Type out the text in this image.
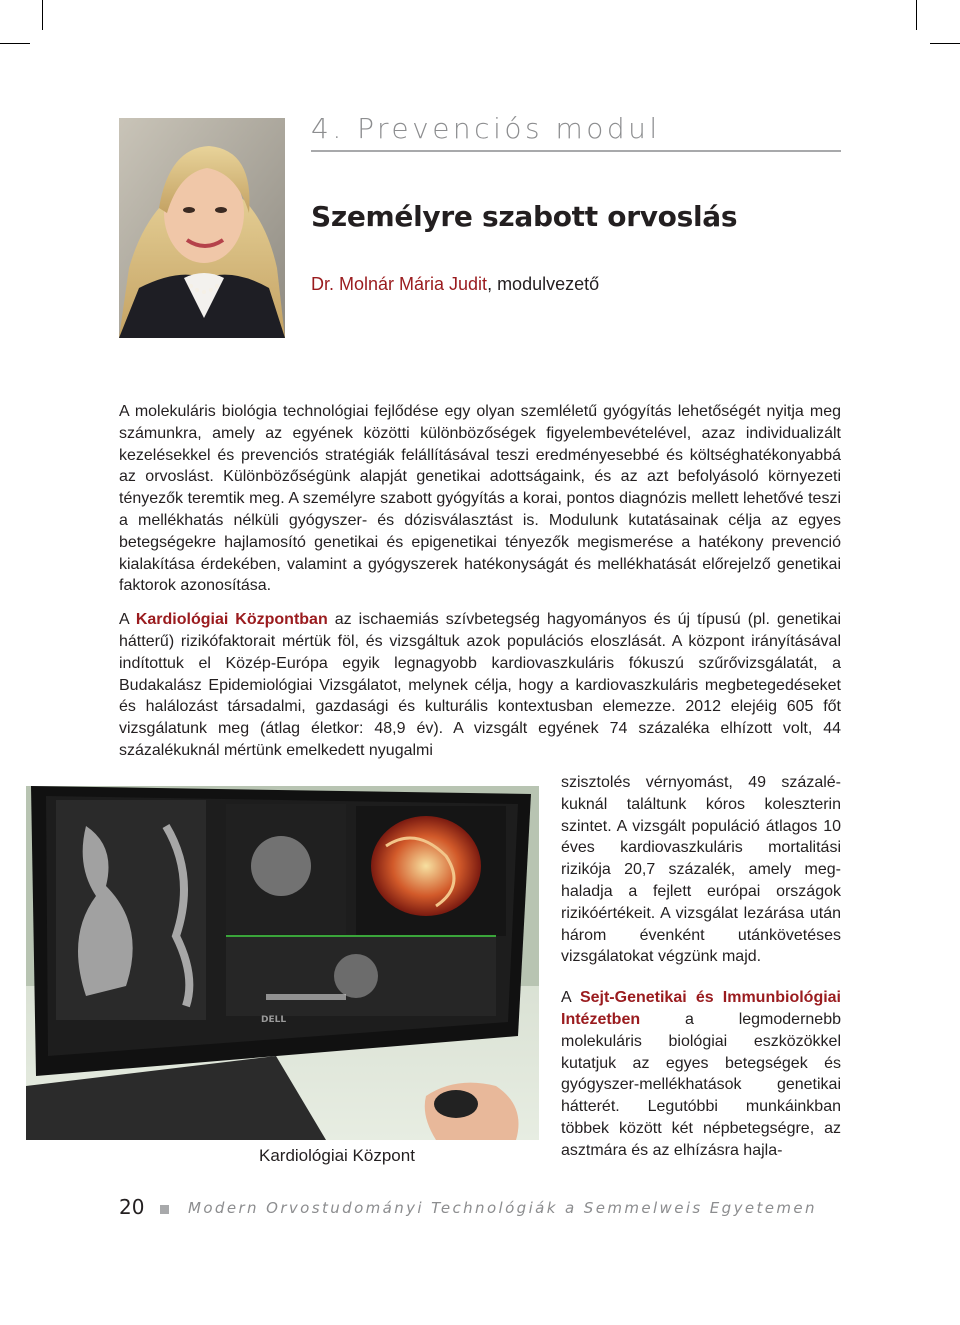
4. Prevenciós modul
Személyre szabott orvoslás
Dr. Molnár Mária Judit, modulvezető

A molekuláris biológia technológiai fejlődése egy olyan szemléletű gyógyítás lehetőségét nyitja meg számunkra, amely az egyének közötti különbözőségek figyelembevételével, azaz individualizált kezelésekkel és prevenciós stratégiák felállításával teszi eredményesebbé és költséghatékonyabbá az orvoslást. Különbözőségünk alapját genetikai adottságaink, és az azt befolyásoló környezeti tényezők teremtik meg. A személyre szabott gyógyítás a korai, pontos diagnózis mellett lehetővé teszi a mellékhatás nélküli gyógyszer- és dózisválasztást is. Modulunk kutatásainak célja az egyes betegségekre hajlamosító genetikai és epigenetikai tényezők megismerése a hatékony prevenció kialakítása érdekében, valamint a gyógyszerek hatékonyságát és mellékhatását előrejelző genetikai faktorok azonosítása.

A Kardiológiai Központban az ischaemiás szívbetegség hagyományos és új típusú (pl. genetikai hátterű) rizikófaktorait mértük föl, és vizsgáltuk azok populációs eloszlását. A központ irányításával indítottuk el Közép-Európa egyik legnagyobb kardiovaszkuláris fókuszú szűrővizsgálatát, a Budakalász Epidemiológiai Vizsgálatot, melynek célja, hogy a kardiovaszkuláris megbetegedéseket és halálozást társadalmi, gazdasági és kulturális kontextusban elemezze. 2012 elejéig 605 főt vizsgálatunk meg (átlag életkor: 48,9 év). A vizsgált egyének 74 százaléka elhízott volt, 44 százalékuknál mértünk emelkedett nyugalmi

szisztolés vérnyomást, 49 százalékuknál találtunk kóros koleszterin szintet. A vizsgált populáció átlagos 10 éves kardiovaszkuláris mortalitási rizikója 20,7 százalék, amely meghaladja a fejlett európai országok rizikóértékeit. A vizsgálat lezárása után három évenként utánkövetéses vizsgálatokat végzünk majd.

A Sejt-Genetikai és Immunbiológiai Intézetben a legmodernebb molekuláris biológiai eszközökkel kutatjuk az egyes betegségek és gyógyszer-mellékhatások genetikai hátterét. Legutóbbi munkáinkban többek között két népbetegségre, az asztmára és az elhízásra hajla-

DELL
Kardiológiai Központ
20	Modern Orvostudományi Technológiák a Semmelweis Egyetemen
